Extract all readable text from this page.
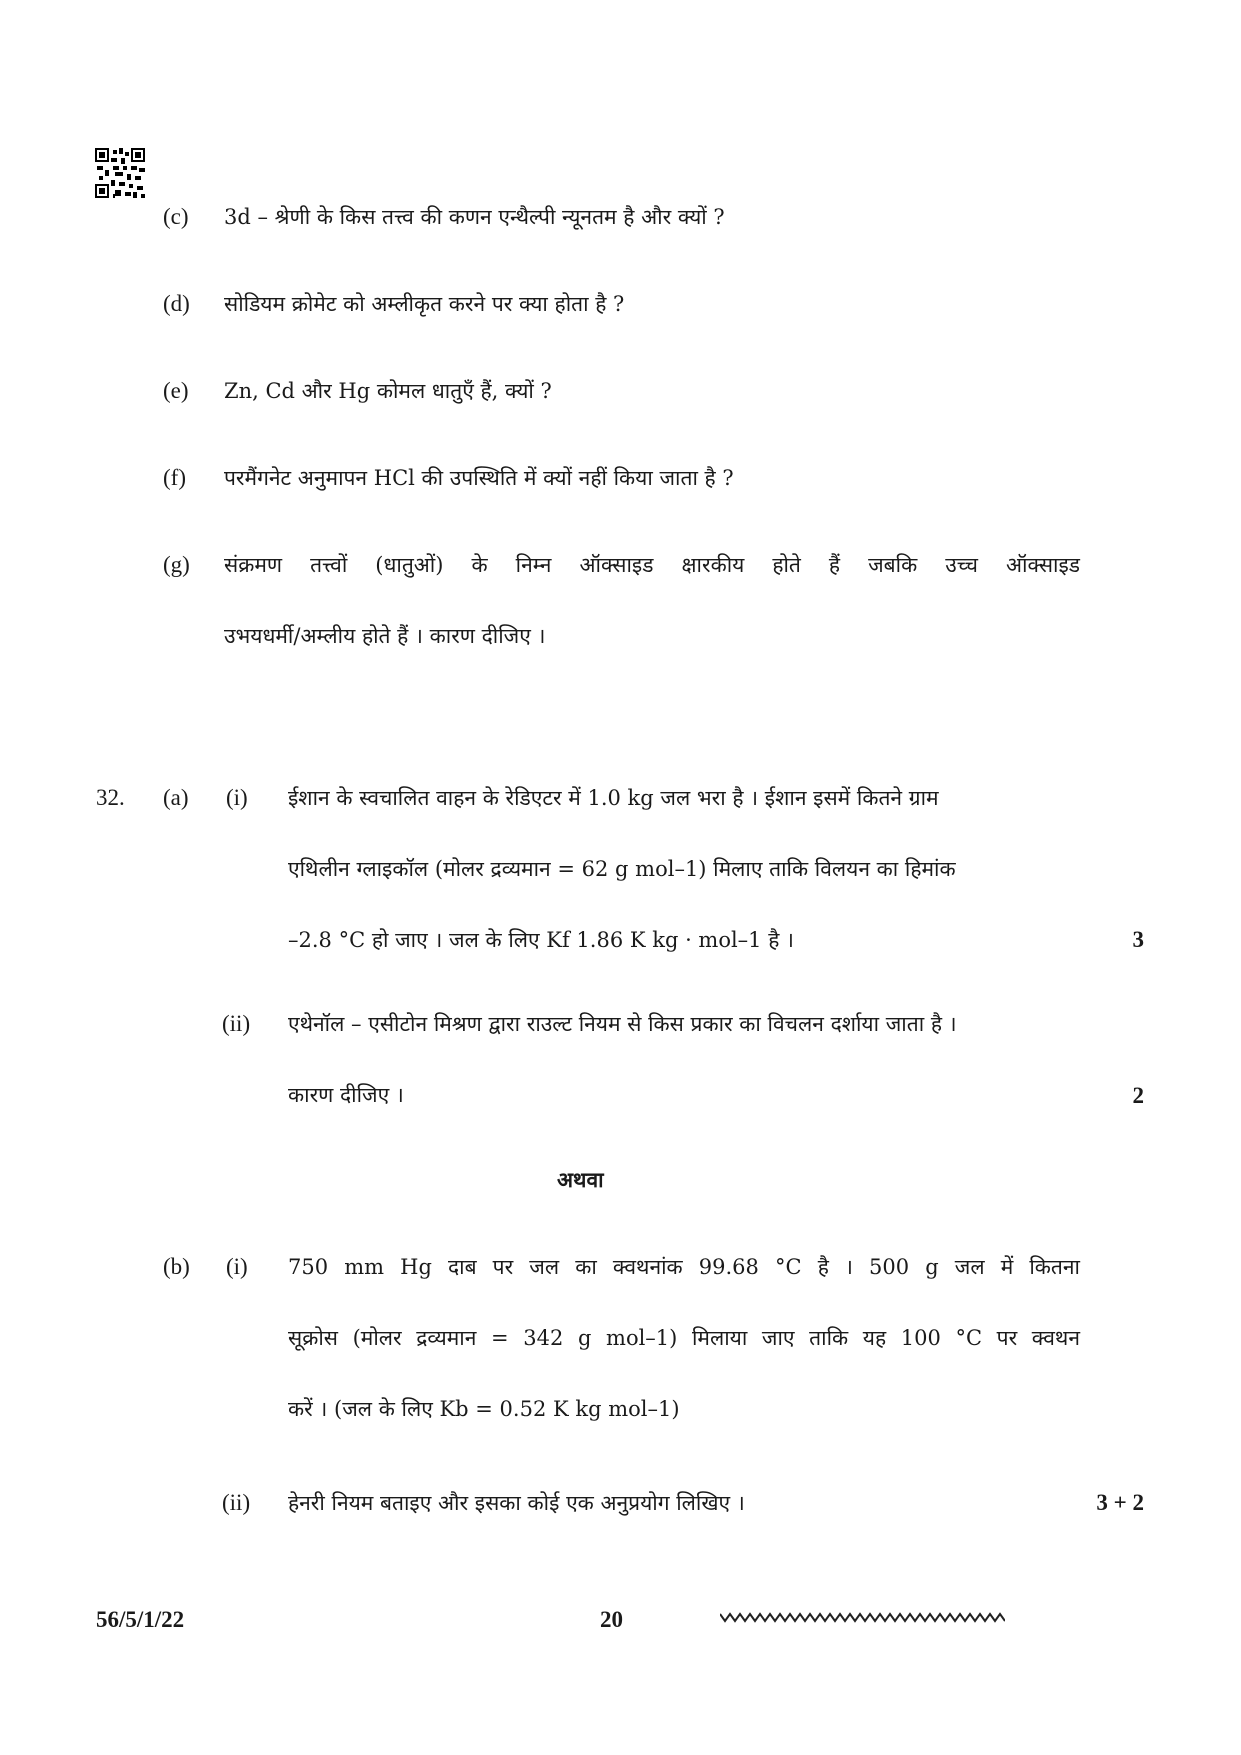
(c) 3d – श्रेणी के किस तत्त्व की कणन एन्थैल्पी न्यूनतम है और क्यों ?
(d) सोडियम क्रोमेट को अम्लीकृत करने पर क्या होता है ?
(e) Zn, Cd और Hg कोमल धातुएँ हैं, क्यों ?
(f) परमैंगनेट अनुमापन HCl की उपस्थिति में क्यों नहीं किया जाता है ?
(g) संक्रमण तत्त्वों (धातुओं) के निम्न ऑक्साइड क्षारकीय होते हैं जबकि उच्च ऑक्साइड
उभयधर्मी/अम्लीय होते हैं । कारण दीजिए ।
32. (a) (i) ईशान के स्वचालित वाहन के रेडिएटर में 1.0 kg जल भरा है । ईशान इसमें कितने ग्राम
एथिलीन ग्लाइकॉल (मोलर द्रव्यमान = 62 g mol–1) मिलाए ताकि विलयन का हिमांक
–2.8 °C हो जाए । जल के लिए Kf 1.86 K kg · mol–1 है ।	3
(ii) एथेनॉल – एसीटोन मिश्रण द्वारा राउल्ट नियम से किस प्रकार का विचलन दर्शाया जाता है ।
कारण दीजिए ।	2
अथवा
(b) (i) 750 mm Hg दाब पर जल का क्वथनांक 99.68 °C है । 500 g जल में कितना
सूक्रोस (मोलर द्रव्यमान = 342 g mol–1) मिलाया जाए ताकि यह 100 °C पर क्वथन
करें । (जल के लिए Kb = 0.52 K kg mol–1)
(ii) हेनरी नियम बताइए और इसका कोई एक अनुप्रयोग लिखिए ।	3 + 2
56/5/1/22	20
